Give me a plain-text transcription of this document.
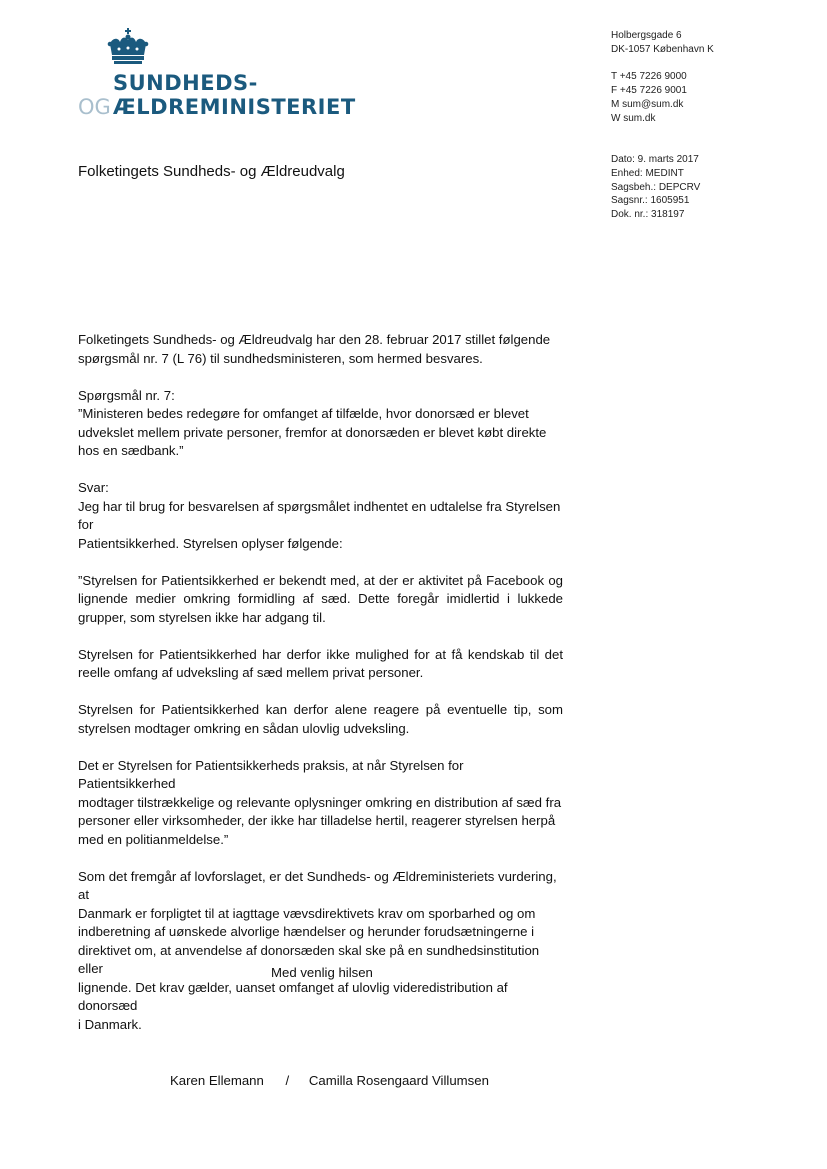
SUNDHEDS-
OG ÆLDREMINISTERIET
Holbergsgade 6
DK-1057 København K
T +45 7226 9000
F +45 7226 9001
M sum@sum.dk
W sum.dk
Dato: 9. marts 2017
Enhed: MEDINT
Sagsbeh.: DEPCRV
Sagsnr.: 1605951
Dok. nr.: 318197
Folketingets Sundheds- og Ældreudvalg

Folketingets Sundheds- og Ældreudvalg har den 28. februar 2017 stillet følgende
spørgsmål nr. 7 (L 76) til sundhedsministeren, som hermed besvares.

Spørgsmål nr. 7:
”Ministeren bedes redegøre for omfanget af tilfælde, hvor donorsæd er blevet
udvekslet mellem private personer, fremfor at donorsæden er blevet købt direkte
hos en sædbank.”

Svar:
Jeg har til brug for besvarelsen af spørgsmålet indhentet en udtalelse fra Styrelsen for
Patientsikkerhed. Styrelsen oplyser følgende:

”Styrelsen for Patientsikkerhed er bekendt med, at der er aktivitet på Facebook og lignende medier omkring formidling af sæd. Dette foregår imidlertid i lukkede grupper, som styrelsen ikke har adgang til.

Styrelsen for Patientsikkerhed har derfor ikke mulighed for at få kendskab til det reelle omfang af udveksling af sæd mellem privat personer.

Styrelsen for Patientsikkerhed kan derfor alene reagere på eventuelle tip, som styrelsen modtager omkring en sådan ulovlig udveksling.

Det er Styrelsen for Patientsikkerheds praksis, at når Styrelsen for Patientsikkerhed
modtager tilstrækkelige og relevante oplysninger omkring en distribution af sæd fra
personer eller virksomheder, der ikke har tilladelse hertil, reagerer styrelsen herpå
med en politianmeldelse.”

Som det fremgår af lovforslaget, er det Sundheds- og Ældreministeriets vurdering, at
Danmark er forpligtet til at iagttage vævsdirektivets krav om sporbarhed og om
indberetning af uønskede alvorlige hændelser og herunder forudsætningerne i
direktivet om, at anvendelse af donorsæden skal ske på en sundhedsinstitution eller
lignende. Det krav gælder, uanset omfanget af ulovlig videredistribution af donorsæd
i Danmark.

Med venlig hilsen
Karen Ellemann / Camilla Rosengaard Villumsen
